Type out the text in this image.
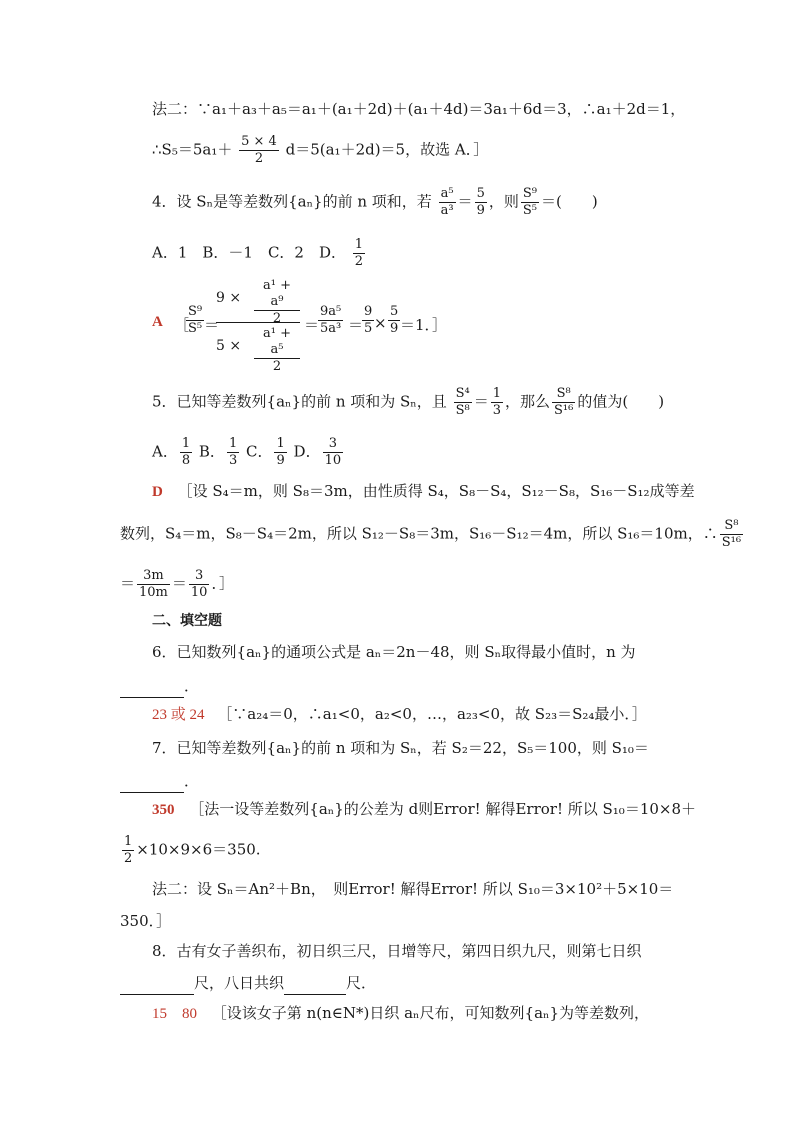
法二：∵a₁＋a₃＋a₅＝a₁＋(a₁＋2d)＋(a₁＋4d)＝3a₁＋6d＝3，∴a₁＋2d＝1，
∴S₅＝5a₁＋ $\frac{5 \times 4}{2} d=5(a_1+2d)=5$，故选 A．］
4．设 Sₙ是等差数列{aₙ}的前 n 项和，若 $\frac{\text{a⁵}}{\text{a³}} = \frac{5}{9}$ ，则 $\frac{\text{S⁹}}{\text{S⁵}}$ ＝(　　)
A．1　B．－1　C．2　D． $\frac{1}{2}$
A ［
$\frac{\text{S⁹}}{\text{S⁵}}$ ＝
$9 \times \frac{\text{a¹ + a⁹}}{2}$
$5 \times \frac{\text{a¹ + a⁵}}{2}$
＝
$\frac{\text{9a⁵}}{\text{5a³}}$ ＝
$\frac{9}{5} \times \frac{5}{9} =1$．］
5．已知等差数列{aₙ}的前 n 项和为 Sₙ，且 $\frac{\text{S⁴}}{\text{S⁸}} = \frac{1}{3}$ ，那么 $\frac{\text{S⁸}}{\text{S¹⁶}}$ 的值为(　　)
A． $\frac{1}{8}$ B． $\frac{1}{3}$ C． $\frac{1}{9}$ D． $\frac{3}{10}$
D ［设 S₄＝m，则 S₈＝3m，由性质得 S₄，S₈－S₄，S₁₂－S₈，S₁₆－S₁₂成等差
数列，S₄＝m，S₈－S₄＝2m，所以 S₁₂－S₈＝3m，S₁₆－S₁₂＝4m，所以 S₁₆＝10m，∴ $\frac{\text{S⁸}}{\text{S¹⁶}}$
＝ $\frac{3m}{10m} = \frac{3}{10}$ ．］
二、填空题
6．已知数列{aₙ}的通项公式是 aₙ＝2n－48，则 Sₙ取得最小值时，n 为
．
23 或 24 ［∵a₂₄＝0，∴a₁<0，a₂<0，…，a₂₃<0，故 S₂₃＝S₂₄最小．］
7．已知等差数列{aₙ}的前 n 项和为 Sₙ，若 S₂＝22，S₅＝100，则 S₁₀＝
．
350 ［法一设等差数列{aₙ}的公差为 d则Error! 解得Error! 所以 S₁₀＝10×8＋
$\frac{1}{2} \times 10\times 9\times 6=350$.
法二：设 Sₙ＝An²＋Bn，　则Error! 解得Error! 所以 S₁₀＝3×10²＋5×10＝
350．］
8．古有女子善织布，初日织三尺，日增等尺，第四日织九尺，则第七日织
尺，八日共织	尺．
15　80 ［设该女子第 n(n∈N*)日织 aₙ尺布，可知数列{aₙ}为等差数列，
